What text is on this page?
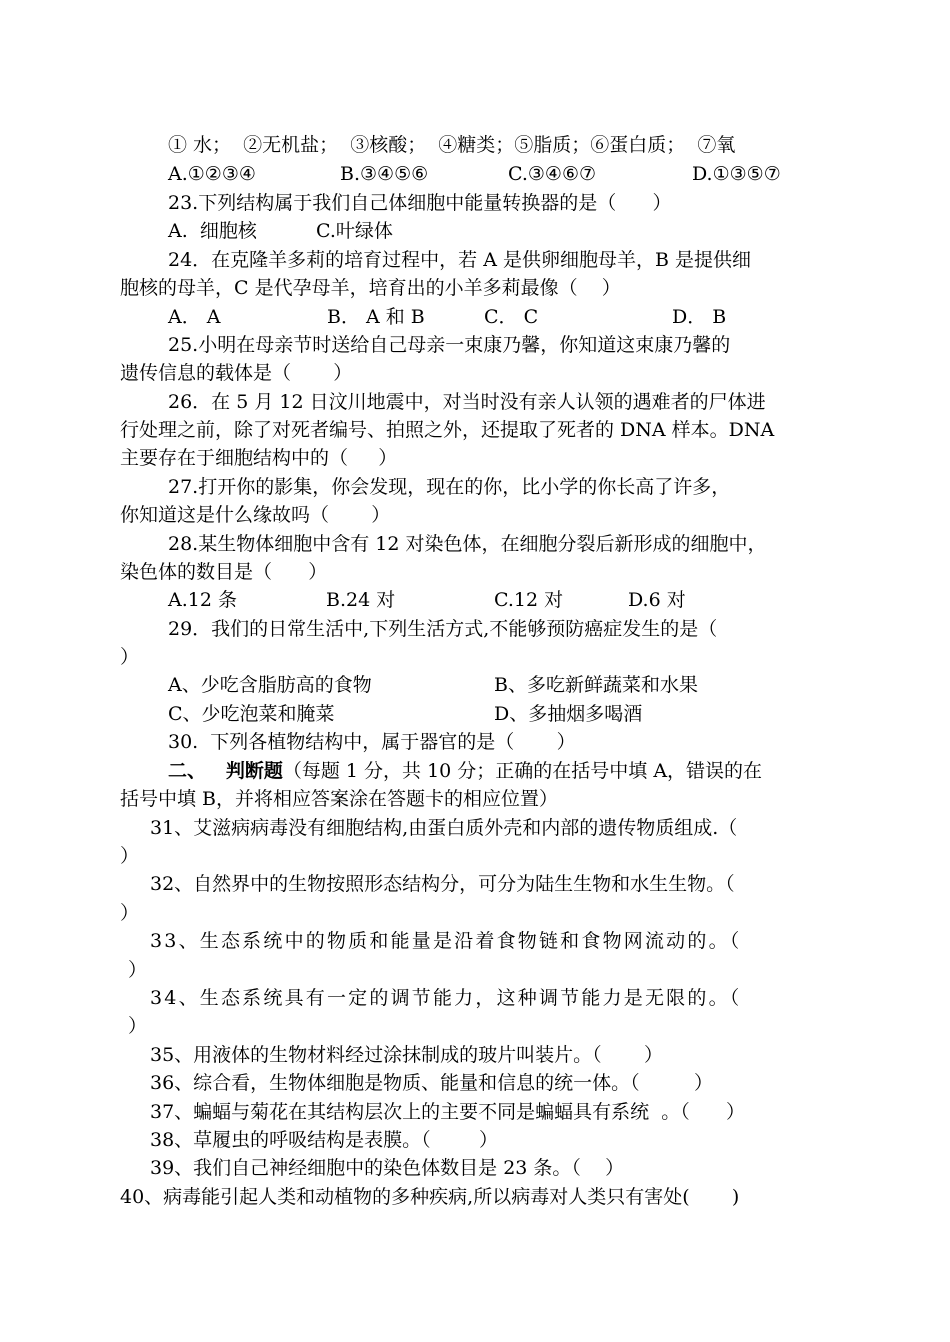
① 水；  ②无机盐；  ③核酸；  ④糖类；⑤脂质；⑥蛋白质；  ⑦氧
A.①②③④	B.③④⑤⑥	C.③④⑥⑦	D.①③⑤⑦
23.下列结构属于我们自己体细胞中能量转换器的是（      ）
A.  细胞核	C.叶绿体
24．在克隆羊多莉的培育过程中，若 A 是供卵细胞母羊，B 是提供细
胞核的母羊，C 是代孕母羊，培育出的小羊多莉最像（    ）
A． A	B． A 和 B	C． C	D． B
25.小明在母亲节时送给自己母亲一束康乃馨，你知道这束康乃馨的
遗传信息的载体是（       ）
26．在 5 月 12 日汶川地震中，对当时没有亲人认领的遇难者的尸体进
行处理之前，除了对死者编号、拍照之外，还提取了死者的 DNA 样本。DNA
主要存在于细胞结构中的（     ）
27.打开你的影集，你会发现，现在的你，比小学的你长高了许多，
你知道这是什么缘故吗（       ）
28.某生物体细胞中含有 12 对染色体，在细胞分裂后新形成的细胞中，
染色体的数目是（      ）
A.12 条	B.24 对	C.12 对	D.6 对
29．我们的日常生活中,下列生活方式,不能够预防癌症发生的是（
）
A、少吃含脂肪高的食物	B、多吃新鲜蔬菜和水果
C、少吃泡菜和腌菜	D、多抽烟多喝酒
30.  下列各植物结构中，属于器官的是（       ）
二、   判断题（每题 1 分，共 10 分；正确的在括号中填 A，错误的在
括号中填 B，并将相应答案涂在答题卡的相应位置）
31、艾滋病病毒没有细胞结构,由蛋白质外壳和内部的遗传物质组成.（
）
32、自然界中的生物按照形态结构分，可分为陆生生物和水生生物。（
）
33、生态系统中的物质和能量是沿着食物链和食物网流动的。（
）
34、生态系统具有一定的调节能力，这种调节能力是无限的。（
）
35、用液体的生物材料经过涂抹制成的玻片叫装片。（       ）
36、综合看，生物体细胞是物质、能量和信息的统一体。（         ）
37、蝙蝠与菊花在其结构层次上的主要不同是蝙蝠具有系统  。（      ）
38、草履虫的呼吸结构是表膜。（        ）
39、我们自己神经细胞中的染色体数目是 23 条。（    ）
40、病毒能引起人类和动植物的多种疾病,所以病毒对人类只有害处(       )
